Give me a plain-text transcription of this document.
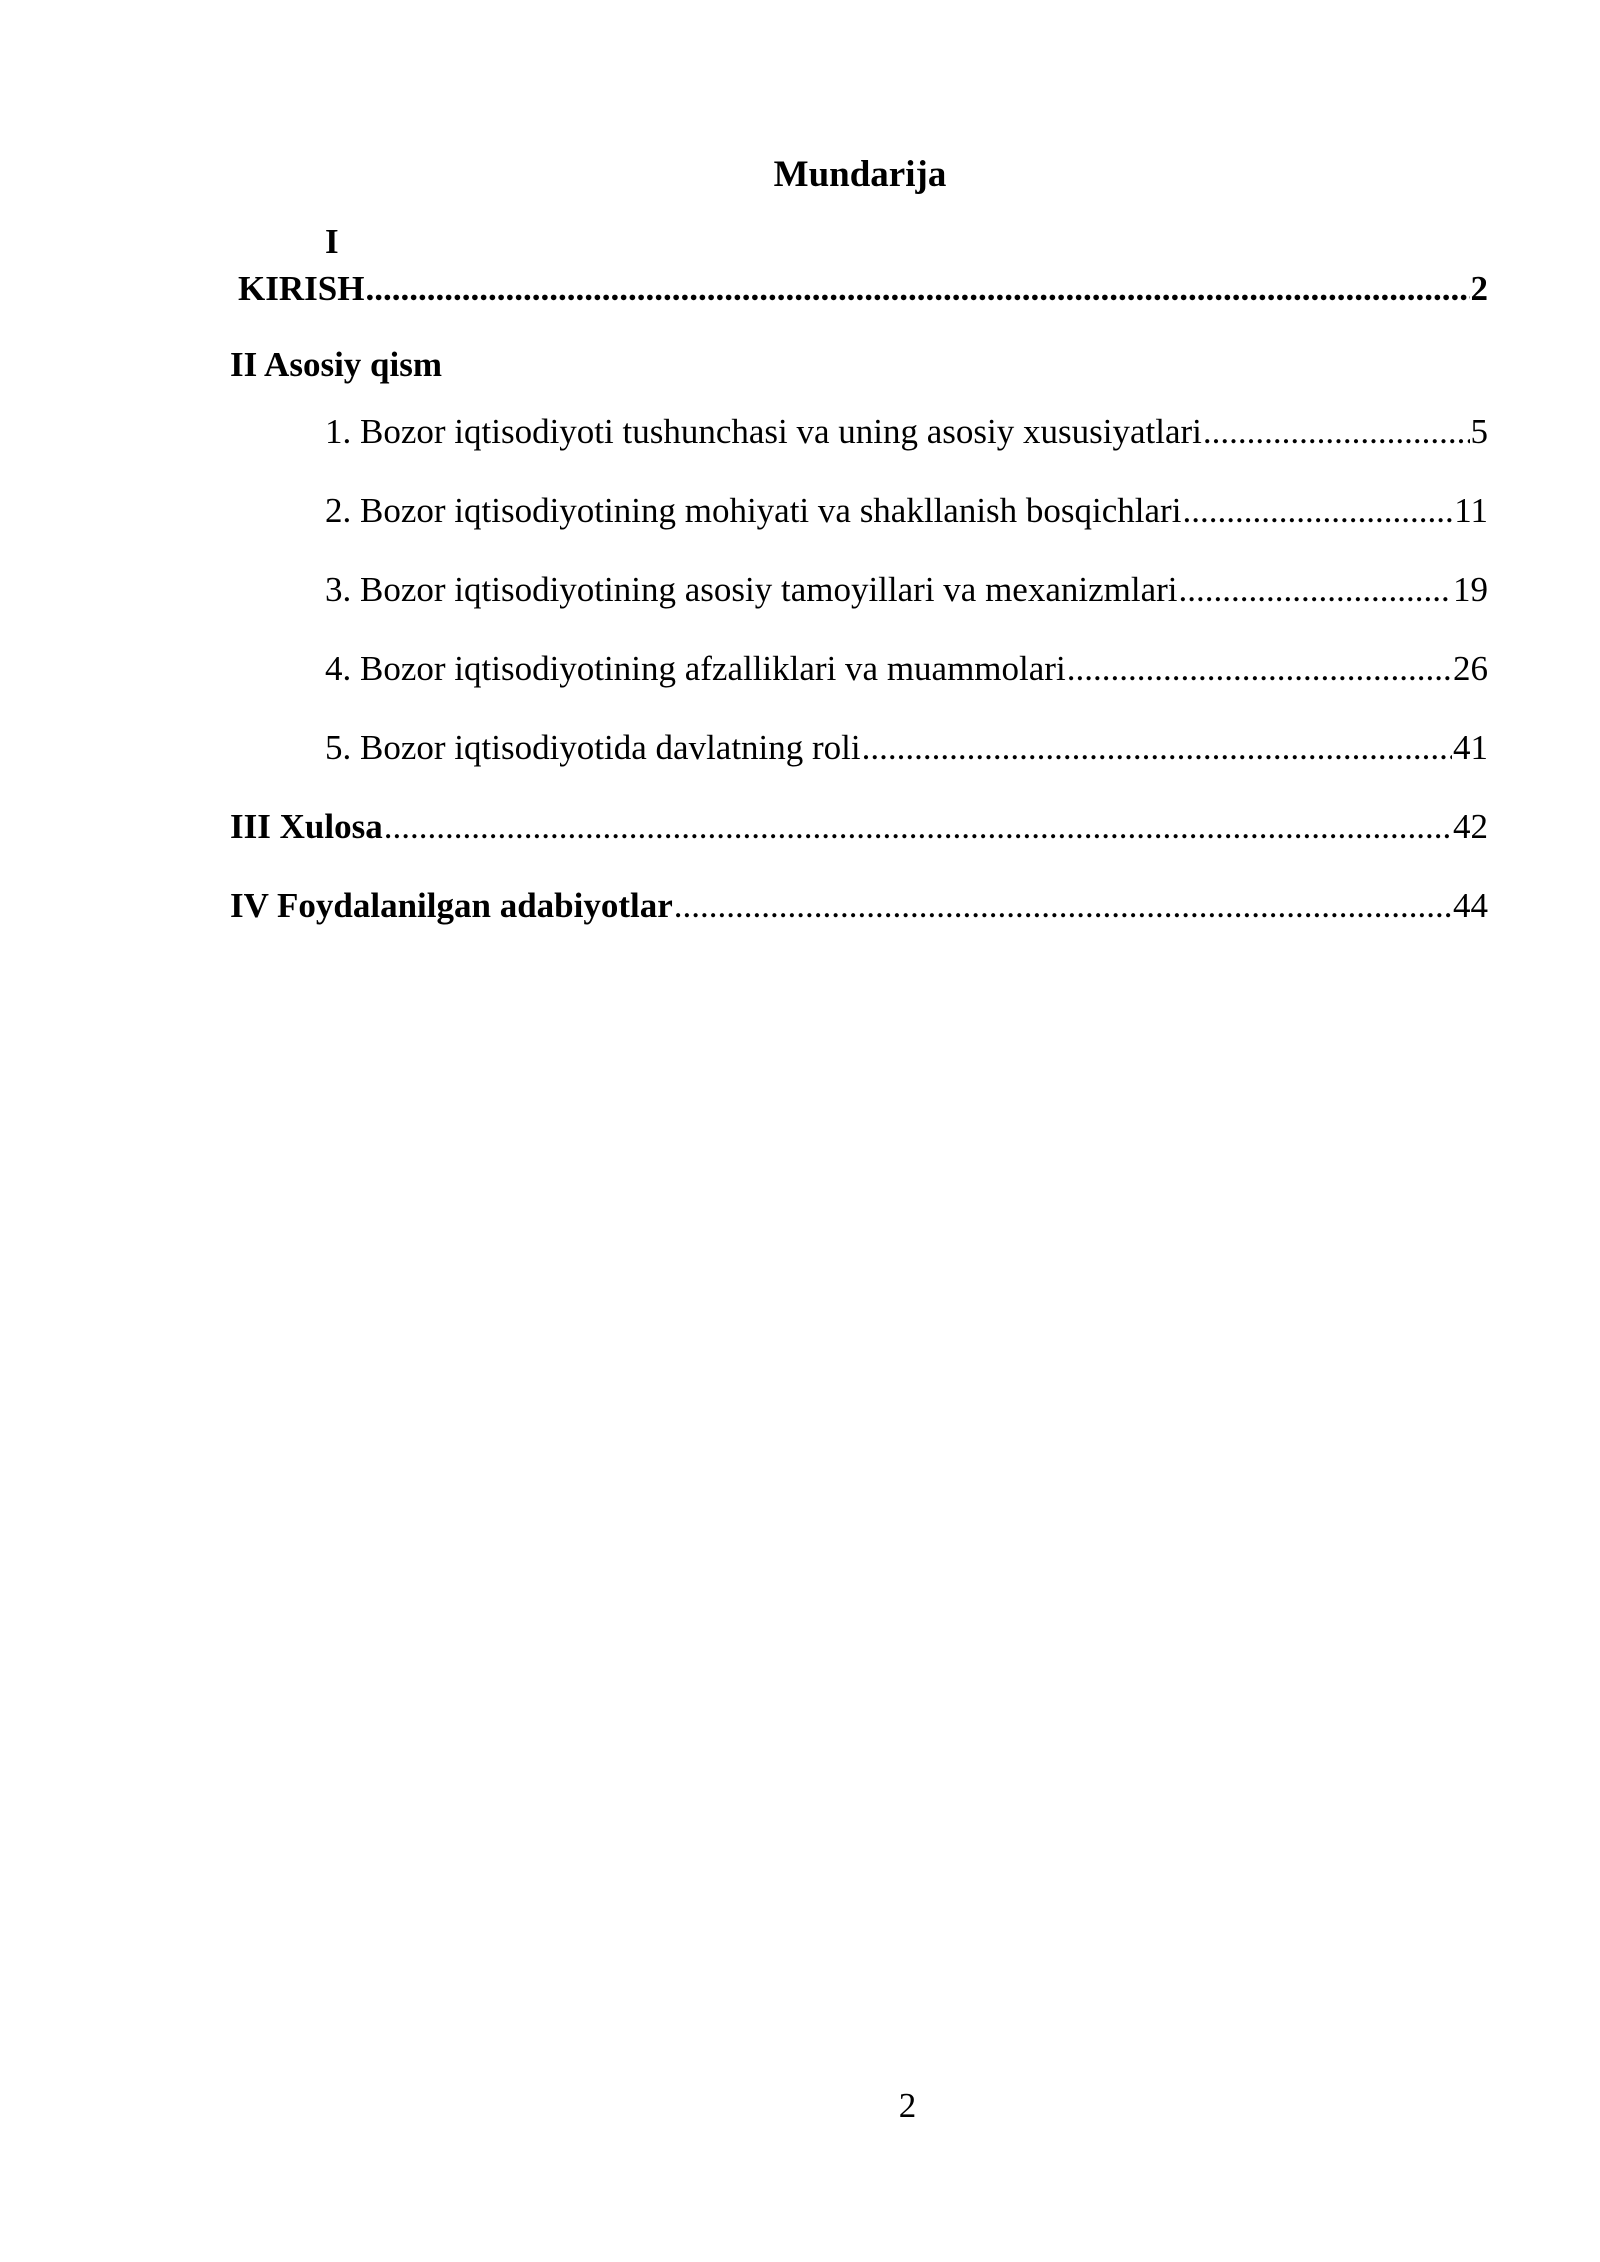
Mundarija
I
KIRISH .....	2
II Asosiy qism
1. Bozor iqtisodiyoti tushunchasi va uning asosiy xususiyatlari .....	5
2. Bozor iqtisodiyotining mohiyati va shakllanish bosqichlari .....	11
3. Bozor iqtisodiyotining asosiy tamoyillari va mexanizmlari .....	19
4. Bozor iqtisodiyotining afzalliklari va muammolari .....	26
5. Bozor iqtisodiyotida davlatning roli .....	41
III Xulosa .....	42
IV Foydalanilgan adabiyotlar .....	44
2
